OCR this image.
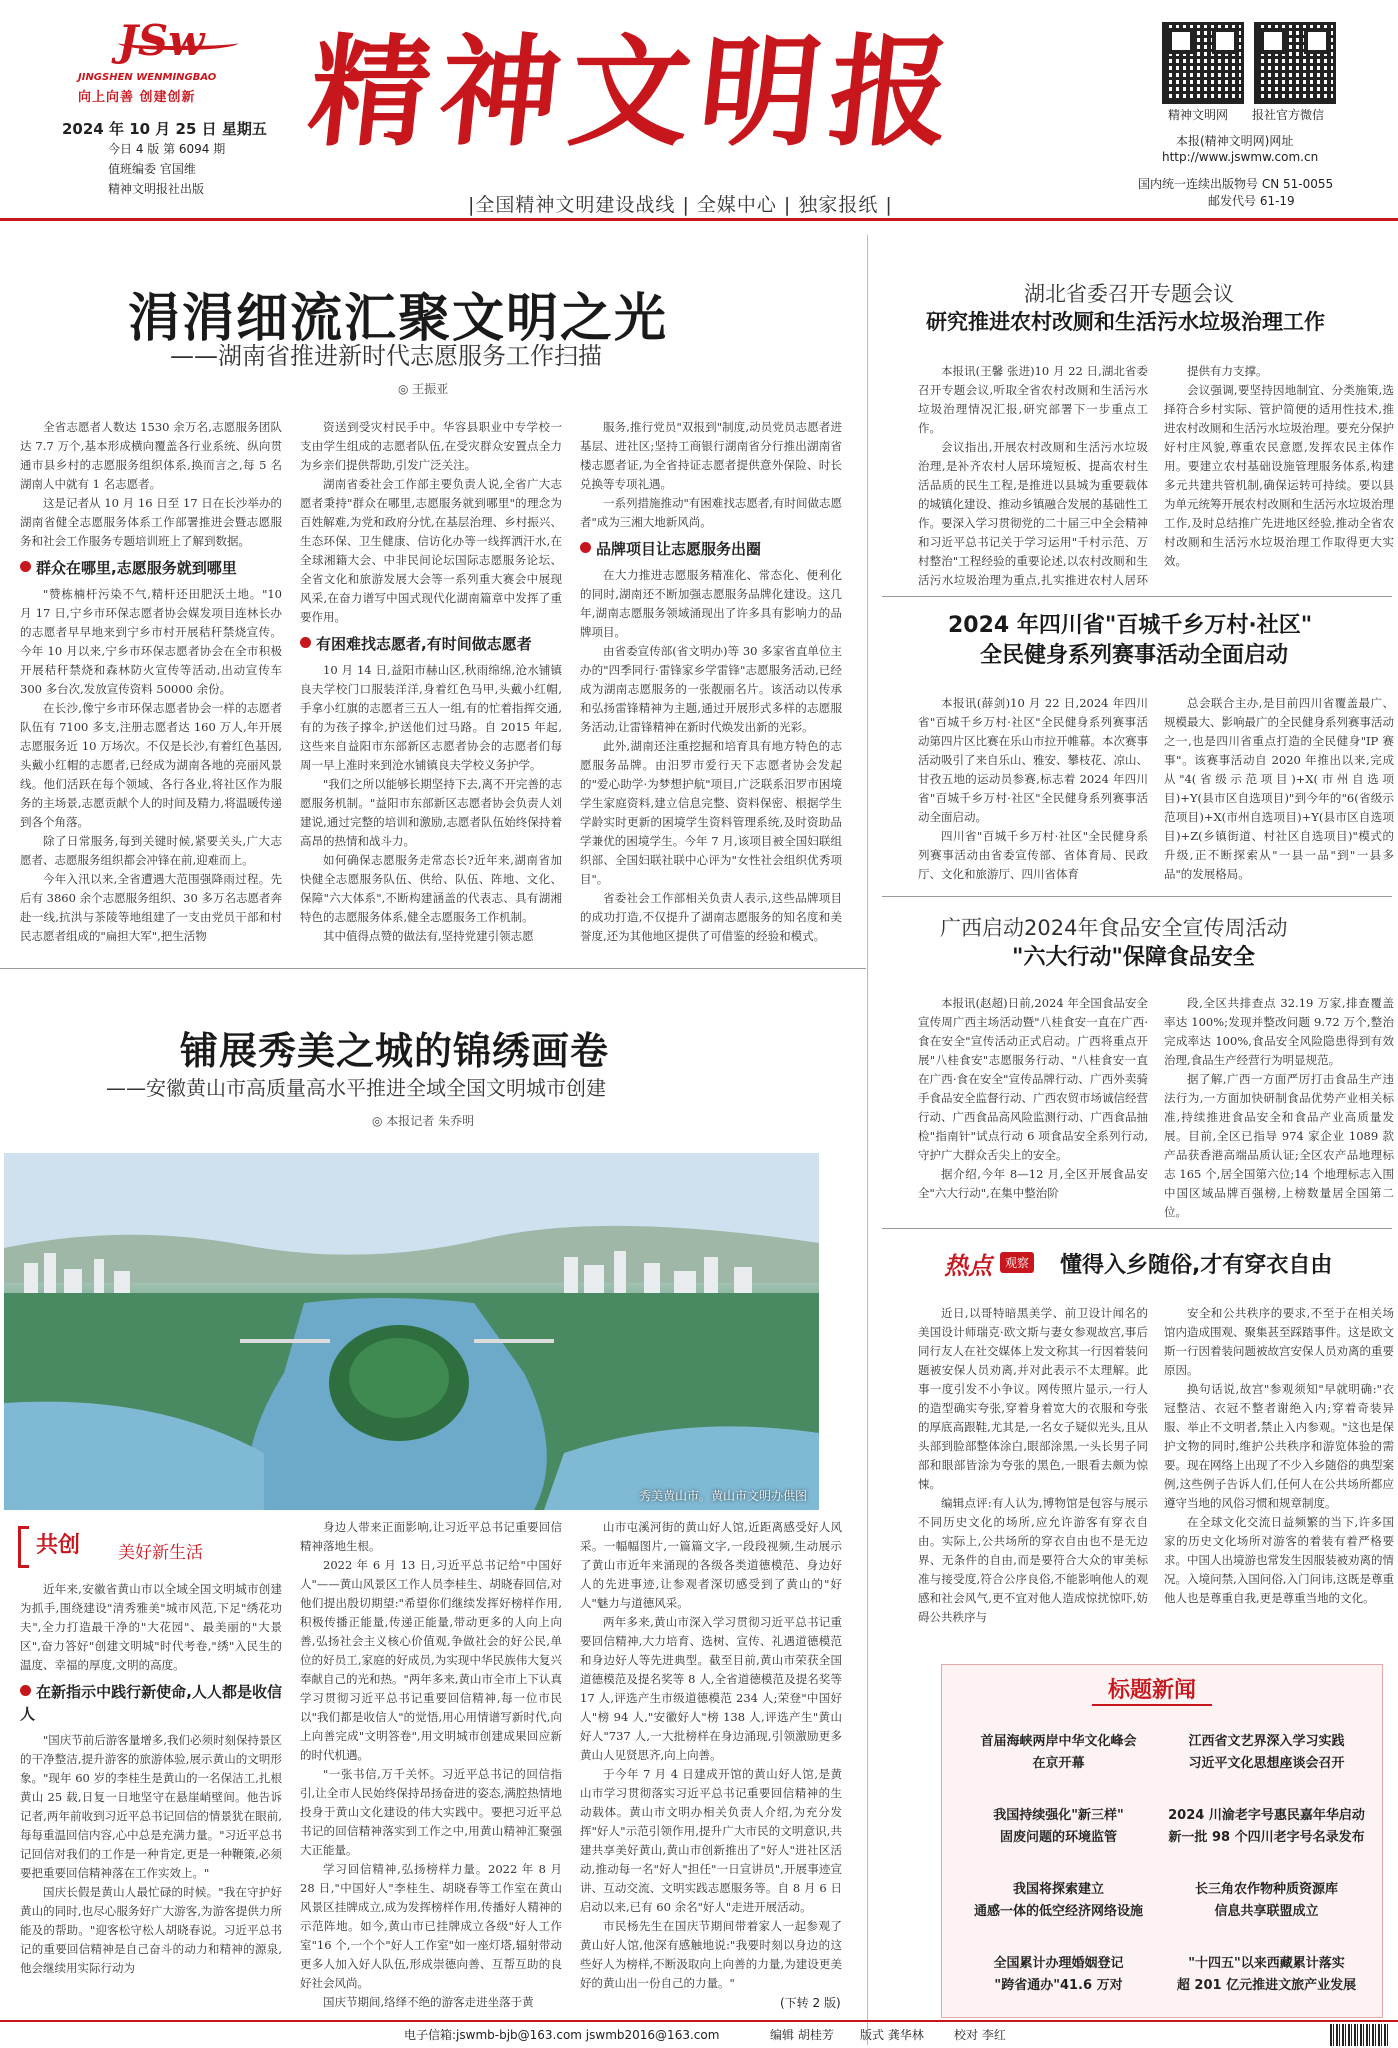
JSw
JINGSHEN WENMINGBAO
向上向善 创建创新 精神文明报
2024 年 10 月 25 日 星期五
今日 4 版 第 6094 期
值班编委 官国维
精神文明报社出版
精神文明网 报社官方微信
本报(精神文明网)网址
http://www.jswmw.com.cn
国内统一连续出版物号 CN 51-0055
邮发代号 61-19
|全国精神文明建设战线 | 全媒中心 | 独家报纸 |
涓涓细流汇聚文明之光
——湖南省推进新时代志愿服务工作扫描
◎ 王振亚

全省志愿者人数达 1530 余万名,志愿服务团队达 7.7 万个,基本形成横向覆盖各行业系统、纵向贯通市县乡村的志愿服务组织体系,换而言之,每 5 名湖南人中就有 1 名志愿者。

这是记者从 10 月 16 日至 17 日在长沙举办的湖南省健全志愿服务体系工作部署推进会暨志愿服务和社会工作服务专题培训班上了解到数据。

群众在哪里,志愿服务就到哪里

"赞栋楠杆污染不气,精杆还田肥沃土地。"10 月 17 日,宁乡市环保志愿者协会媒发项目连林长办的志愿者早早地来到宁乡市村开展秸秆禁烧宣传。今年 10 月以来,宁乡市环保志愿者协会在全市积极开展秸秆禁烧和森林防火宣传等活动,出动宣传车 300 多台次,发放宣传资料 50000 余份。

在长沙,像宁乡市环保志愿者协会一样的志愿者队伍有 7100 多支,注册志愿者达 160 万人,年开展志愿服务近 10 万场次。不仅是长沙,有着红色基因,头戴小红帽的志愿者,已经成为湖南各地的亮丽风景线。他们活跃在每个领域、各行各业,将社区作为服务的主场景,志愿贡献个人的时间及精力,将温暖传递到各个角落。

除了日常服务,每到关键时候,紧要关头,广大志愿者、志愿服务组织都会冲锋在前,迎难而上。

今年入汛以来,全省遭遇大范围强降雨过程。先后有 3860 余个志愿服务组织、30 多万名志愿者奔赴一线,抗洪与茶陵等地组建了一支由党员干部和村民志愿者组成的"扁担大军",把生活物

资送到受灾村民手中。华容县职业中专学校一支由学生组成的志愿者队伍,在受灾群众安置点全力为乡亲们提供帮助,引发广泛关注。

湖南省委社会工作部主要负责人说,全省广大志愿者秉持"群众在哪里,志愿服务就到哪里"的理念为百姓解难,为党和政府分忧,在基层治理、乡村振兴、生态环保、卫生健康、信访化办等一线挥洒汗水,在全球湘籍大会、中非民间论坛国际志愿服务论坛、全省文化和旅游发展大会等一系列重大赛会中展现风采,在奋力谱写中国式现代化湖南篇章中发挥了重要作用。

有困难找志愿者,有时间做志愿者

10 月 14 日,益阳市赫山区,秋雨绵绵,沧水铺镇良夫学校门口服装洋洋,身着红色马甲,头戴小红帽,手拿小红旗的志愿者三五人一组,有的忙着指挥交通,有的为孩子撑伞,护送他们过马路。自 2015 年起,这些来自益阳市东部新区志愿者协会的志愿者们每周一早上准时来到沧水铺镇良夫学校义务护学。

"我们之所以能够长期坚持下去,离不开完善的志愿服务机制。"益阳市东部新区志愿者协会负责人刘建说,通过完整的培训和激励,志愿者队伍始终保持着高昂的热情和战斗力。

如何确保志愿服务走常态长?近年来,湖南省加快健全志愿服务队伍、供给、队伍、阵地、文化、保障"六大体系",不断构建涵盖的代表志、具有湖湘特色的志愿服务体系,健全志愿服务工作机制。

其中值得点赞的做法有,坚持党建引领志愿

服务,推行党员"双报到"制度,动员党员志愿者进基层、进社区;坚持工商银行湖南省分行推出湖南省楼志愿者证,为全省持证志愿者提供意外保险、时长兑换等专项礼遇。

一系列措施推动"有困难找志愿者,有时间做志愿者"成为三湘大地新风尚。

品牌项目让志愿服务出圈

在大力推进志愿服务精准化、常态化、便利化的同时,湖南还不断加强志愿服务品牌化建设。这几年,湖南志愿服务领域涌现出了许多具有影响力的品牌项目。

由省委宣传部(省文明办)等 30 多家省直单位主办的"四季同行·雷锋家乡学雷锋"志愿服务活动,已经成为湖南志愿服务的一张靓丽名片。该活动以传承和弘扬雷锋精神为主题,通过开展形式多样的志愿服务活动,让雷锋精神在新时代焕发出新的光彩。

此外,湖南还注重挖掘和培育具有地方特色的志愿服务品牌。由汨罗市爱行天下志愿者协会发起的"爱心助学·为梦想护航"项目,广泛联系汨罗市困境学生家庭资料,建立信息完整、资料保密、根据学生学龄实时更新的困境学生资料管理系统,及时资助品学兼优的困境学生。今年 7 月,该项目被全国妇联组织部、全国妇联社联中心评为"女性社会组织优秀项目"。

省委社会工作部相关负责人表示,这些品牌项目的成功打造,不仅提升了湖南志愿服务的知名度和美誉度,还为其他地区提供了可借鉴的经验和模式。

湖北省委召开专题会议
研究推进农村改厕和生活污水垃圾治理工作

本报讯(王馨 张进)10 月 22 日,湖北省委召开专题会议,听取全省农村改厕和生活污水垃圾治理情况汇报,研究部署下一步重点工作。

会议指出,开展农村改厕和生活污水垃圾治理,是补齐农村人居环境短板、提高农村生活品质的民生工程,是推进以县城为重要载体的城镇化建设、推动乡镇融合发展的基础性工作。要深入学习贯彻党的二十届三中全会精神和习近平总书记关于学习运用"千村示范、万村整治"工程经验的重要论述,以农村改厕和生活污水垃圾治理为重点,扎实推进农村人居环

提供有力支撑。

会议强调,要坚持因地制宜、分类施策,选择符合乡村实际、管护简便的适用性技术,推进农村改厕和生活污水垃圾治理。要充分保护好村庄风貌,尊重农民意愿,发挥农民主体作用。要建立农村基础设施管理服务体系,构建多元共建共管机制,确保运转可持续。要以县为单元统筹开展农村改厕和生活污水垃圾治理工作,及时总结推广先进地区经验,推动全省农村改厕和生活污水垃圾治理工作取得更大实效。

2024 年四川省"百城千乡万村·社区"
全民健身系列赛事活动全面启动

本报讯(薛剑)10 月 22 日,2024 年四川省"百城千乡万村·社区"全民健身系列赛事活动第四片区比赛在乐山市拉开帷幕。本次赛事活动吸引了来自乐山、雅安、攀枝花、凉山、甘孜五地的运动员参赛,标志着 2024 年四川省"百城千乡万村·社区"全民健身系列赛事活动全面启动。

四川省"百城千乡万村·社区"全民健身系列赛事活动由省委宣传部、省体育局、民政厅、文化和旅游厅、四川省体育

总会联合主办,是目前四川省覆盖最广、规模最大、影响最广的全民健身系列赛事活动之一,也是四川省重点打造的全民健身"IP 赛事"。该赛事活动自 2020 年推出以来,完成从"4(省级示范项目)+X(市州自选项目)+Y(县市区自选项目)"到今年的"6(省级示范项目)+X(市州自选项目)+Y(县市区自选项目)+Z(乡镇街道、村社区自选项目)"模式的升级,正不断探索从"一县一品"到"一县多品"的发展格局。

广西启动2024年食品安全宣传周活动
"六大行动"保障食品安全

本报讯(赵超)日前,2024 年全国食品安全宣传周广西主场活动暨"八桂食安一直在广西·食在安全"宣传活动正式启动。广西将重点开展"八桂食安"志愿服务行动、"八桂食安一直在广西·食在安全"宣传品牌行动、广西外卖骑手食品安全监督行动、广西农贸市场诚信经营行动、广西食品高风险监测行动、广西食品抽检"指南针"试点行动 6 项食品安全系列行动,守护广大群众舌尖上的安全。

据介绍,今年 8—12 月,全区开展食品安全"六大行动",在集中整治阶

段,全区共排查点 32.19 万家,排查覆盖率达 100%;发现并整改问题 9.72 万个,整治完成率达 100%,食品安全风险隐患得到有效治理,食品生产经营行为明显规范。

据了解,广西一方面严厉打击食品生产违法行为,一方面加快研制食品优势产业相关标准,持续推进食品安全和食品产业高质量发展。目前,全区已指导 974 家企业 1089 款产品获香港高端品质认证;全区农产品地理标志 165 个,居全国第六位;14 个地理标志入围中国区域品牌百强榜,上榜数量居全国第二位。

热点	观察 懂得入乡随俗,才有穿衣自由

近日,以哥特暗黑美学、前卫设计闻名的美国设计师瑞克·欧文斯与妻女参观故宫,事后同行友人在社交媒体上发文称其一行因着装问题被安保人员劝离,并对此表示不太理解。此事一度引发不小争议。网传照片显示,一行人的造型确实夸张,穿着身着宽大的衣服和夸张的厚底高跟鞋,尤其是,一名女子疑似光头,且从头部到脸部整体涂白,眼部涂黑,一头长男子同部和眼部皆涂为夸张的黑色,一眼看去颇为惊悚。

编辑点评:有人认为,博物馆是包容与展示不同历史文化的场所,应允许游客有穿衣自由。实际上,公共场所的穿衣自由也不是无边界、无条件的自由,而是要符合大众的审美标准与接受度,符合公序良俗,不能影响他人的观感和社会风气,更不宜对他人造成惊扰惊吓,妨碍公共秩序与

安全和公共秩序的要求,不至于在相关场馆内造成围观、聚集甚至踩踏事件。这是欧文斯一行因着装问题被故宫安保人员劝离的重要原因。

换句话说,故宫"参观须知"早就明确:"衣冠整洁、衣冠不整者谢绝入内;穿着奇装异服、举止不文明者,禁止入内参观。"这也是保护文物的同时,维护公共秩序和游览体验的需要。现在网络上出现了不少入乡随俗的典型案例,这些例子告诉人们,任何人在公共场所都应遵守当地的风俗习惯和规章制度。

在全球文化交流日益频繁的当下,许多国家的历史文化场所对游客的着装有着严格要求。中国人出境游也常发生因服装被劝离的情况。入境问禁,入国问俗,入门问讳,这既是尊重他人也是尊重自我,更是尊重当地的文化。

标题新闻
首届海峡两岸中华文化峰会
在京开幕
江西省文艺界深入学习实践
习近平文化思想座谈会召开
我国持续强化"新三样"
固废问题的环境监管
2024 川渝老字号惠民嘉年华启动
新一批 98 个四川老字号名录发布
我国将探索建立
通感一体的低空经济网络设施
长三角农作物种质资源库
信息共享联盟成立
全国累计办理婚姻登记
"跨省通办"41.6 万对
"十四五"以来西藏累计落实
超 201 亿元推进文旅产业发展
铺展秀美之城的锦绣画卷
——安徽黄山市高质量高水平推进全域全国文明城市创建
◎ 本报记者 朱乔明
秀美黄山市。黄山市文明办供图
共创 美好新生活

近年来,安徽省黄山市以全域全国文明城市创建为抓手,围绕建设"清秀雅美"城市风范,下足"绣花功夫",全力打造最干净的"大花园"、最美丽的"大景区",奋力答好"创建文明城"时代考卷,"绣"入民生的温度、幸福的厚度,文明的高度。

在新指示中践行新使命,人人都是收信人

"国庆节前后游客量增多,我们必须时刻保持景区的干净整洁,提升游客的旅游体验,展示黄山的文明形象。"现年 60 岁的李桂生是黄山的一名保洁工,扎根黄山 25 载,日复一日地坚守在悬崖峭壁间。他告诉记者,两年前收到习近平总书记回信的情景犹在眼前,每每重温回信内容,心中总是充满力量。"习近平总书记回信对我们的工作是一种肯定,更是一种鞭策,必须要把重要回信精神落在工作实效上。"

国庆长假是黄山人最忙碌的时候。"我在守护好黄山的同时,也尽心服务好广大游客,为游客提供力所能及的帮助。"迎客松守松人胡晓春说。习近平总书记的重要回信精神是自己奋斗的动力和精神的源泉,他会继续用实际行动为

身边人带来正面影响,让习近平总书记重要回信精神落地生根。

2022 年 6 月 13 日,习近平总书记给"中国好人"——黄山风景区工作人员李桂生、胡晓春回信,对他们提出殷切期望:"希望你们继续发挥好榜样作用,积极传播正能量,传递正能量,带动更多的人向上向善,弘扬社会主义核心价值观,争做社会的好公民,单位的好员工,家庭的好成员,为实现中华民族伟大复兴奉献自己的光和热。"两年多来,黄山市全市上下认真学习贯彻习近平总书记重要回信精神,每一位市民以"我们都是收信人"的觉悟,用心用情谱写新时代,向上向善完成"文明答卷",用文明城市创建成果回应新的时代机遇。

"一张书信,万千关怀。习近平总书记的回信指引,让全市人民始终保持昂扬奋进的姿态,满腔热情地投身于黄山文化建设的伟大实践中。要把习近平总书记的回信精神落实到工作之中,用黄山精神汇聚强大正能量。

学习回信精神,弘扬榜样力量。2022 年 8 月 28 日,"中国好人"李桂生、胡晓春等工作室在黄山风景区挂牌成立,成为发挥榜样作用,传播好人精神的示范阵地。如今,黄山市已挂牌成立各级"好人工作室"16 个,一个个"好人工作室"如一座灯塔,辐射带动更多人加入好人队伍,形成崇德向善、互帮互助的良好社会风尚。

国庆节期间,络绎不绝的游客走进坐落于黄

山市屯溪河街的黄山好人馆,近距离感受好人风采。一幅幅图片,一篇篇文字,一段段视频,生动展示了黄山市近年来涌现的各级各类道德模范、身边好人的先进事迹,让参观者深切感受到了黄山的"好人"魅力与道德风采。

两年多来,黄山市深入学习贯彻习近平总书记重要回信精神,大力培育、选树、宣传、礼遇道德模范和身边好人等先进典型。截至目前,黄山市荣获全国道德模范及提名奖等 8 人,全省道德模范及提名奖等 17 人,评选产生市级道德模范 234 人;荣登"中国好人"榜 94 人,"安徽好人"榜 138 人,评选产生"黄山好人"737 人,一大批榜样在身边涌现,引领激励更多黄山人见贤思齐,向上向善。

于今年 7 月 4 日建成开馆的黄山好人馆,是黄山市学习贯彻落实习近平总书记重要回信精神的生动载体。黄山市文明办相关负责人介绍,为充分发挥"好人"示范引领作用,提升广大市民的文明意识,共建共享美好黄山,黄山市创新推出了"好人"进社区活动,推动每一名"好人"担任"一日宣讲员",开展事迹宣讲、互动交流、文明实践志愿服务等。自 8 月 6 日启动以来,已有 60 余名"好人"走进开展活动。

市民杨先生在国庆节期间带着家人一起参观了黄山好人馆,他深有感触地说:"我要时刻以身边的这些好人为榜样,不断汲取向上向善的力量,为建设更美好的黄山出一份自己的力量。"

(下转 2 版)
电子信箱:jswmb-bjb@163.com jswmb2016@163.com	编辑 胡桂芳 版式 龚华林	校对 李红
